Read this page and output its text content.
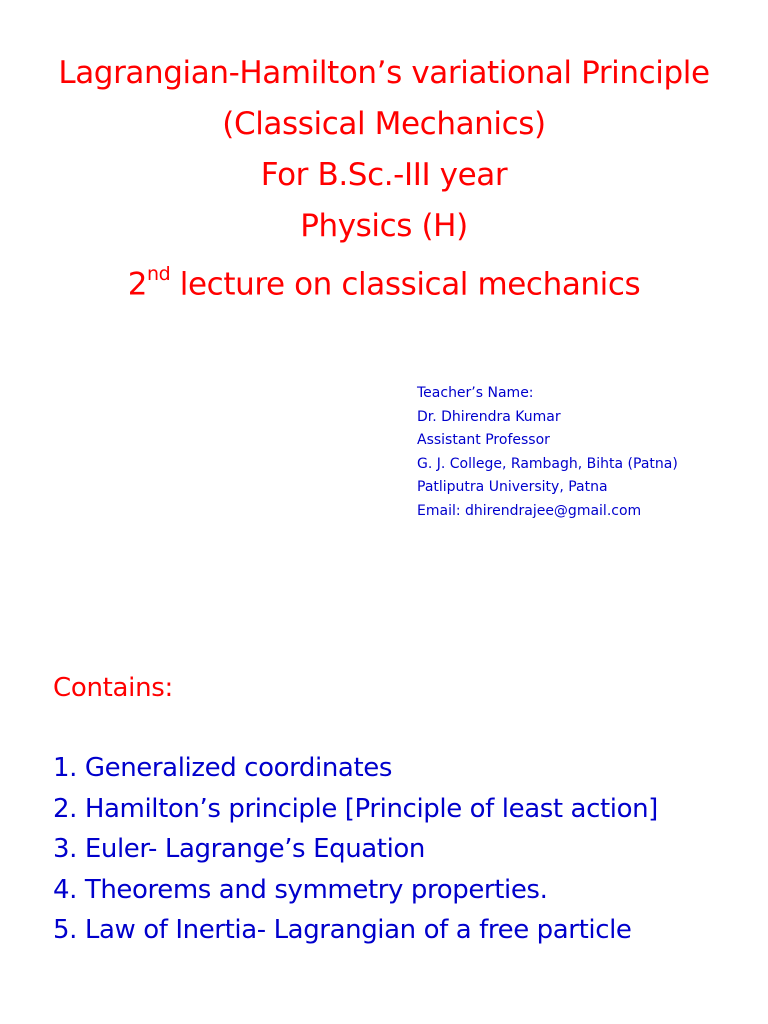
Lagrangian-Hamilton’s variational Principle
(Classical Mechanics)
For B.Sc.-III year
Physics (H)
2nd lecture on classical mechanics
Teacher’s Name:
Dr. Dhirendra Kumar
Assistant Professor
G. J. College, Rambagh, Bihta (Patna)
Patliputra University, Patna
Email: dhirendrajee@gmail.com
Contains:
1. Generalized coordinates
2. Hamilton’s principle [Principle of least action]
3. Euler- Lagrange’s Equation
4. Theorems and symmetry properties.
5. Law of Inertia- Lagrangian of a free particle
